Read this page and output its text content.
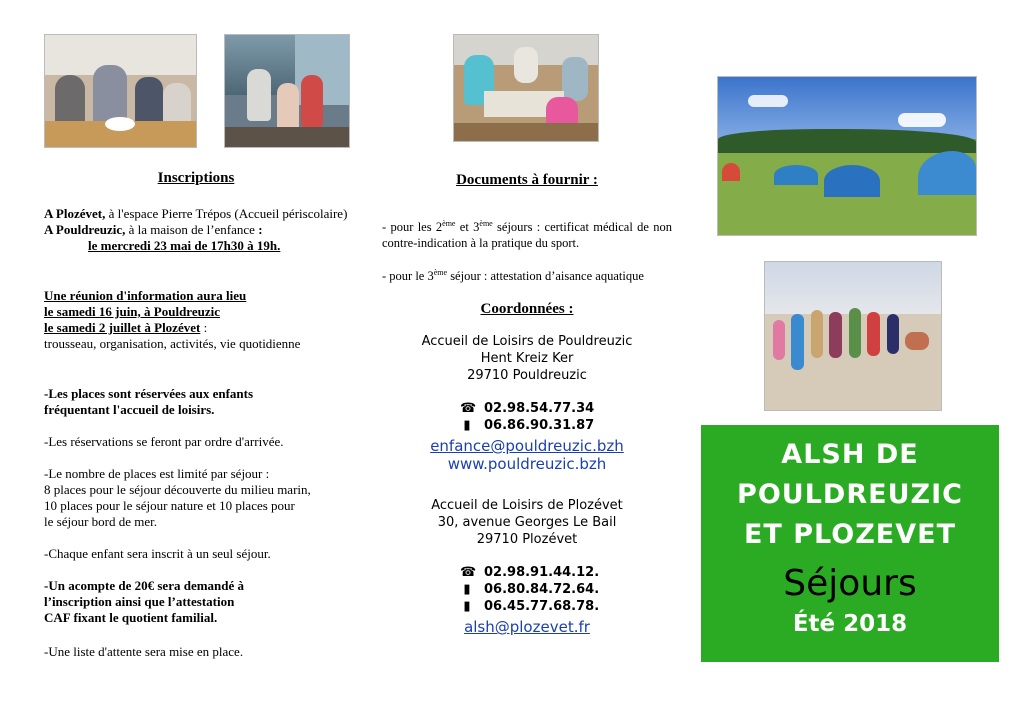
Inscriptions

A Plozévet, à l'espace Pierre Trépos (Accueil périscolaire)

A Pouldreuzic, à la maison de l’enfance :

le mercredi 23 mai de 17h30 à 19h.

Une réunion d'information aura lieu

le samedi 16 juin, à Pouldreuzic

le samedi 2 juillet à Plozévet :

trousseau, organisation, activités, vie quotidienne

-Les places sont réservées aux enfants

fréquentant l'accueil de loisirs.

-Les réservations se feront par ordre d'arrivée.

-Le nombre de places est limité par séjour :

8 places pour le séjour découverte du milieu marin,

10 places pour le séjour nature et 10 places pour

le séjour bord de mer.

-Chaque enfant sera inscrit à un seul séjour.

-Un acompte de 20€ sera demandé à

l’inscription ainsi que l’attestation

CAF fixant le quotient familial.

-Une liste d'attente sera mise en place.

Documents à fournir :
- pour les 2ème et 3ème séjours : certificat médical de non contre-indication à la pratique du sport.
- pour le 3ème séjour : attestation d’aisance aquatique
Coordonnées :
Accueil de Loisirs de Pouldreuzic
Hent Kreiz Ker
29710 Pouldreuzic
☎ 02.98.54.77.34
▮ 06.86.90.31.87
enfance@pouldreuzic.bzh
www.pouldreuzic.bzh
Accueil de Loisirs de Plozévet
30, avenue Georges Le Bail
29710 Plozévet
☎ 02.98.91.44.12.
▮ 06.80.84.72.64.
▮ 06.45.77.68.78.
alsh@plozevet.fr
ALSH DE
POULDREUZIC
ET PLOZEVET
Séjours
Été 2018
